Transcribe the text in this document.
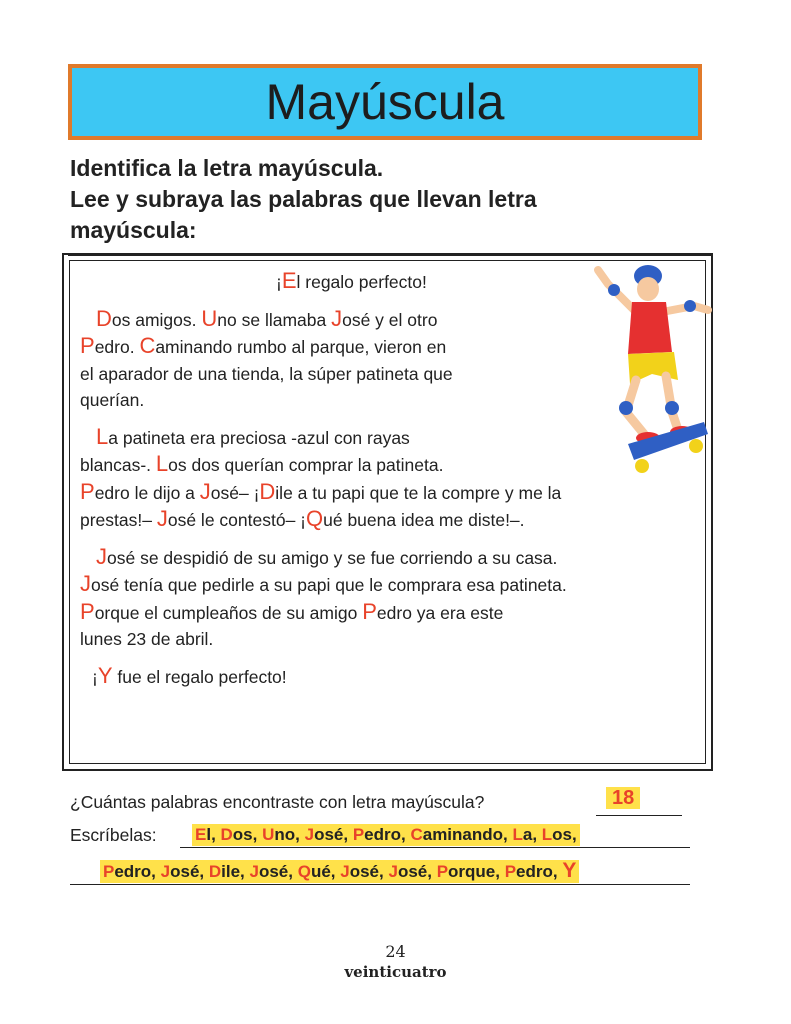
Mayúscula
Identifica la letra mayúscula.
Lee y subraya las palabras que llevan letra
mayúscula:

¡El regalo perfecto!

Dos amigos. Uno se llamaba José y el otro

Pedro. Caminando rumbo al parque, vieron en

el aparador de una tienda, la súper patineta que

querían.

La patineta era preciosa -azul con rayas

blancas-. Los dos querían comprar la patineta.

Pedro le dijo a José– ¡Dile a tu papi que te la compre y me la

prestas!– José le contestó– ¡Qué buena idea me diste!–.

José se despidió de su amigo y se fue corriendo a su casa.

José tenía que pedirle a su papi que le comprara esa patineta.

Porque el cumpleaños de su amigo Pedro ya era este

lunes 23 de abril.

¡Y fue el regalo perfecto!

¿Cuántas palabras encontraste con letra mayúscula?	18
Escríbelas: El, Dos, Uno, José, Pedro, Caminando, La, Los,
Pedro, José, Dile, José, Qué, José, José, Porque, Pedro, Y
24
veinticuatro
